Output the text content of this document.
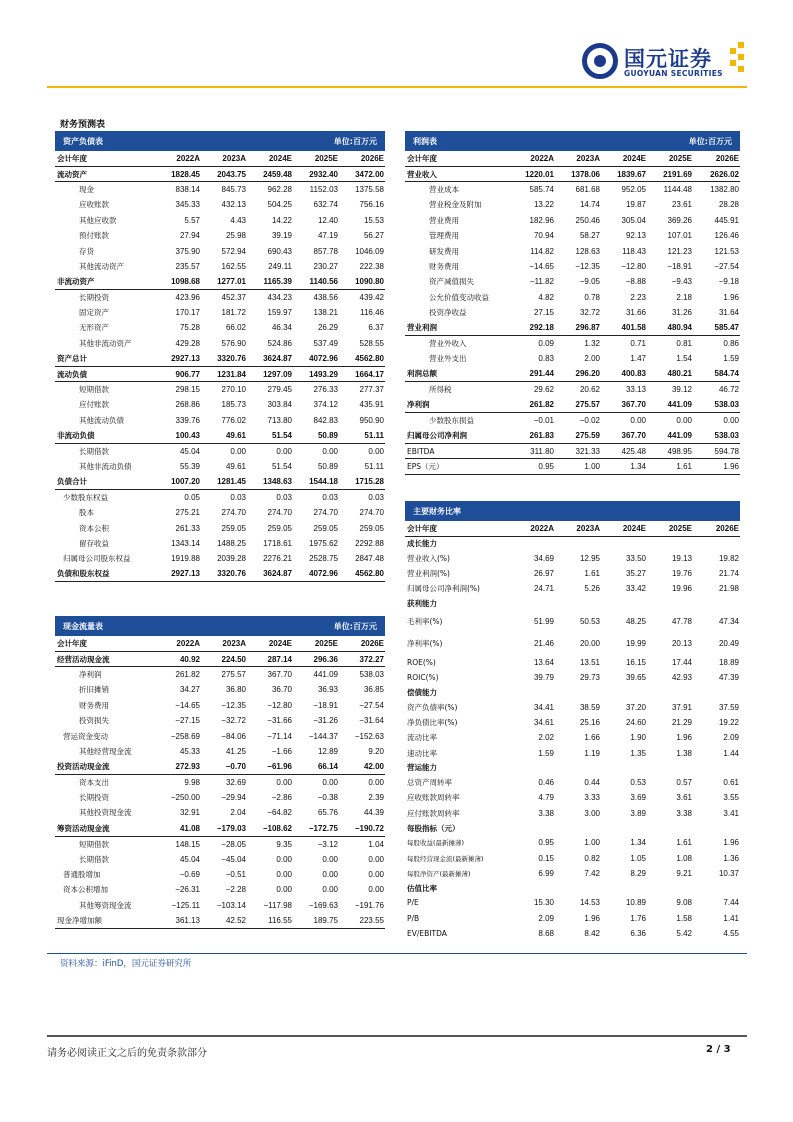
国元证券
GUOYUAN SECURITIES
财务预测表
资产负债表	单位:百万元
会计年度	2022A	2023A	2024E	2025E	2026E
流动资产	1828.45	2043.75	2459.48	2932.40	3472.00
现金	838.14	845.73	962.28	1152.03	1375.58
应收账款	345.33	432.13	504.25	632.74	756.16
其他应收款	5.57	4.43	14.22	12.40	15.53
预付账款	27.94	25.98	39.19	47.19	56.27
存货	375.90	572.94	690.43	857.78	1046.09
其他流动资产	235.57	162.55	249.11	230.27	222.38
非流动资产	1098.68	1277.01	1165.39	1140.56	1090.80
长期投资	423.96	452.37	434.23	438.56	439.42
固定资产	170.17	181.72	159.97	138.21	116.46
无形资产	75.28	66.02	46.34	26.29	6.37
其他非流动资产	429.28	576.90	524.86	537.49	528.55
资产总计	2927.13	3320.76	3624.87	4072.96	4562.80
流动负债	906.77	1231.84	1297.09	1493.29	1664.17
短期借款	298.15	270.10	279.45	276.33	277.37
应付账款	268.86	185.73	303.84	374.12	435.91
其他流动负债	339.76	776.02	713.80	842.83	950.90
非流动负债	100.43	49.61	51.54	50.89	51.11
长期借款	45.04	0.00	0.00	0.00	0.00
其他非流动负债	55.39	49.61	51.54	50.89	51.11
负债合计	1007.20	1281.45	1348.63	1544.18	1715.28
少数股东权益	0.05	0.03	0.03	0.03	0.03
股本	275.21	274.70	274.70	274.70	274.70
资本公积	261.33	259.05	259.05	259.05	259.05
留存收益	1343.14	1488.25	1718.61	1975.62	2292.88
归属母公司股东权益	1919.88	2039.28	2276.21	2528.75	2847.48
负债和股东权益	2927.13	3320.76	3624.87	4072.96	4562.80
利润表	单位:百万元
会计年度	2022A	2023A	2024E	2025E	2026E
营业收入	1220.01	1378.06	1839.67	2191.69	2626.02
营业成本	585.74	681.68	952.05	1144.48	1382.80
营业税金及附加	13.22	14.74	19.87	23.61	28.28
营业费用	182.96	250.46	305.04	369.26	445.91
管理费用	70.94	58.27	92.13	107.01	126.46
研发费用	114.82	128.63	118.43	121.23	121.53
财务费用	−14.65	−12.35	−12.80	−18.91	−27.54
资产减值损失	−11.82	−9.05	−8.88	−9.43	−9.18
公允价值变动收益	4.82	0.78	2.23	2.18	1.96
投资净收益	27.15	32.72	31.66	31.26	31.64
营业利润	292.18	296.87	401.58	480.94	585.47
营业外收入	0.09	1.32	0.71	0.81	0.86
营业外支出	0.83	2.00	1.47	1.54	1.59
利润总额	291.44	296.20	400.83	480.21	584.74
所得税	29.62	20.62	33.13	39.12	46.72
净利润	261.82	275.57	367.70	441.09	538.03
少数股东损益	−0.01	−0.02	0.00	0.00	0.00
归属母公司净利润	261.83	275.59	367.70	441.09	538.03
EBITDA	311.80	321.33	425.48	498.95	594.78
EPS（元）	0.95	1.00	1.34	1.61	1.96
主要财务比率
会计年度	2022A	2023A	2024E	2025E	2026E
成长能力					
营业收入(%)	34.69	12.95	33.50	19.13	19.82
营业利润(%)	26.97	1.61	35.27	19.76	21.74
归属母公司净利润(%)	24.71	5.26	33.42	19.96	21.98
获利能力					
毛利率(%)	51.99	50.53	48.25	47.78	47.34
净利率(%)	21.46	20.00	19.99	20.13	20.49
ROE(%)	13.64	13.51	16.15	17.44	18.89
ROIC(%)	39.79	29.73	39.65	42.93	47.39
偿债能力					
资产负债率(%)	34.41	38.59	37.20	37.91	37.59
净负债比率(%)	34.61	25.16	24.60	21.29	19.22
流动比率	2.02	1.66	1.90	1.96	2.09
速动比率	1.59	1.19	1.35	1.38	1.44
营运能力					
总资产周转率	0.46	0.44	0.53	0.57	0.61
应收账款周转率	4.79	3.33	3.69	3.61	3.55
应付账款周转率	3.38	3.00	3.89	3.38	3.41
每股指标（元）					
每股收益(最新摊薄)	0.95	1.00	1.34	1.61	1.96
每股经营现金流(最新摊薄)	0.15	0.82	1.05	1.08	1.36
每股净资产(最新摊薄)	6.99	7.42	8.29	9.21	10.37
估值比率					
P/E	15.30	14.53	10.89	9.08	7.44
P/B	2.09	1.96	1.76	1.58	1.41
EV/EBITDA	8.68	8.42	6.36	5.42	4.55
现金流量表	单位:百万元
会计年度	2022A	2023A	2024E	2025E	2026E
经营活动现金流	40.92	224.50	287.14	296.36	372.27
净利润	261.82	275.57	367.70	441.09	538.03
折旧摊销	34.27	36.80	36.70	36.93	36.85
财务费用	−14.65	−12.35	−12.80	−18.91	−27.54
投资损失	−27.15	−32.72	−31.66	−31.26	−31.64
营运资金变动	−258.69	−84.06	−71.14	−144.37	−152.63
其他经营现金流	45.33	41.25	−1.66	12.89	9.20
投资活动现金流	272.93	−0.70	−61.96	66.14	42.00
资本支出	9.98	32.69	0.00	0.00	0.00
长期投资	−250.00	−29.94	−2.86	−0.38	2.39
其他投资现金流	32.91	2.04	−64.82	65.76	44.39
筹资活动现金流	41.08	−179.03	−108.62	−172.75	−190.72
短期借款	148.15	−28.05	9.35	−3.12	1.04
长期借款	45.04	−45.04	0.00	0.00	0.00
普通股增加	−0.69	−0.51	0.00	0.00	0.00
资本公积增加	−26.31	−2.28	0.00	0.00	0.00
其他筹资现金流	−125.11	−103.14	−117.98	−169.63	−191.76
现金净增加额	361.13	42.52	116.55	189.75	223.55
资料来源：iFinD，国元证券研究所
请务必阅读正文之后的免责条款部分	2 / 3
